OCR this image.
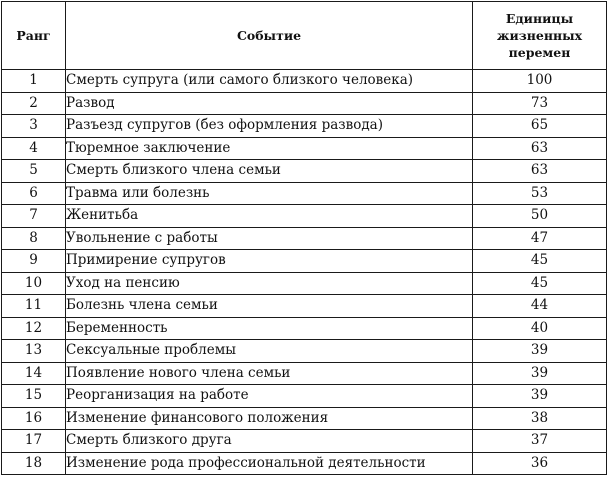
Ранг	Событие	Единицы жизненных перемен

1	Смерть супруга (или самого близкого человека)	100
2	Развод	73
3	Разъезд супругов (без оформления развода)	65
4	Тюремное заключение	63
5	Смерть близкого члена семьи	63
6	Травма или болезнь	53
7	Женитьба	50
8	Увольнение с работы	47
9	Примирение супругов	45
10	Уход на пенсию	45
11	Болезнь члена семьи	44
12	Беременность	40
13	Сексуальные проблемы	39
14	Появление нового члена семьи	39
15	Реорганизация на работе	39
16	Изменение финансового положения	38
17	Смерть близкого друга	37
18	Изменение рода профессиональной деятельности	36
